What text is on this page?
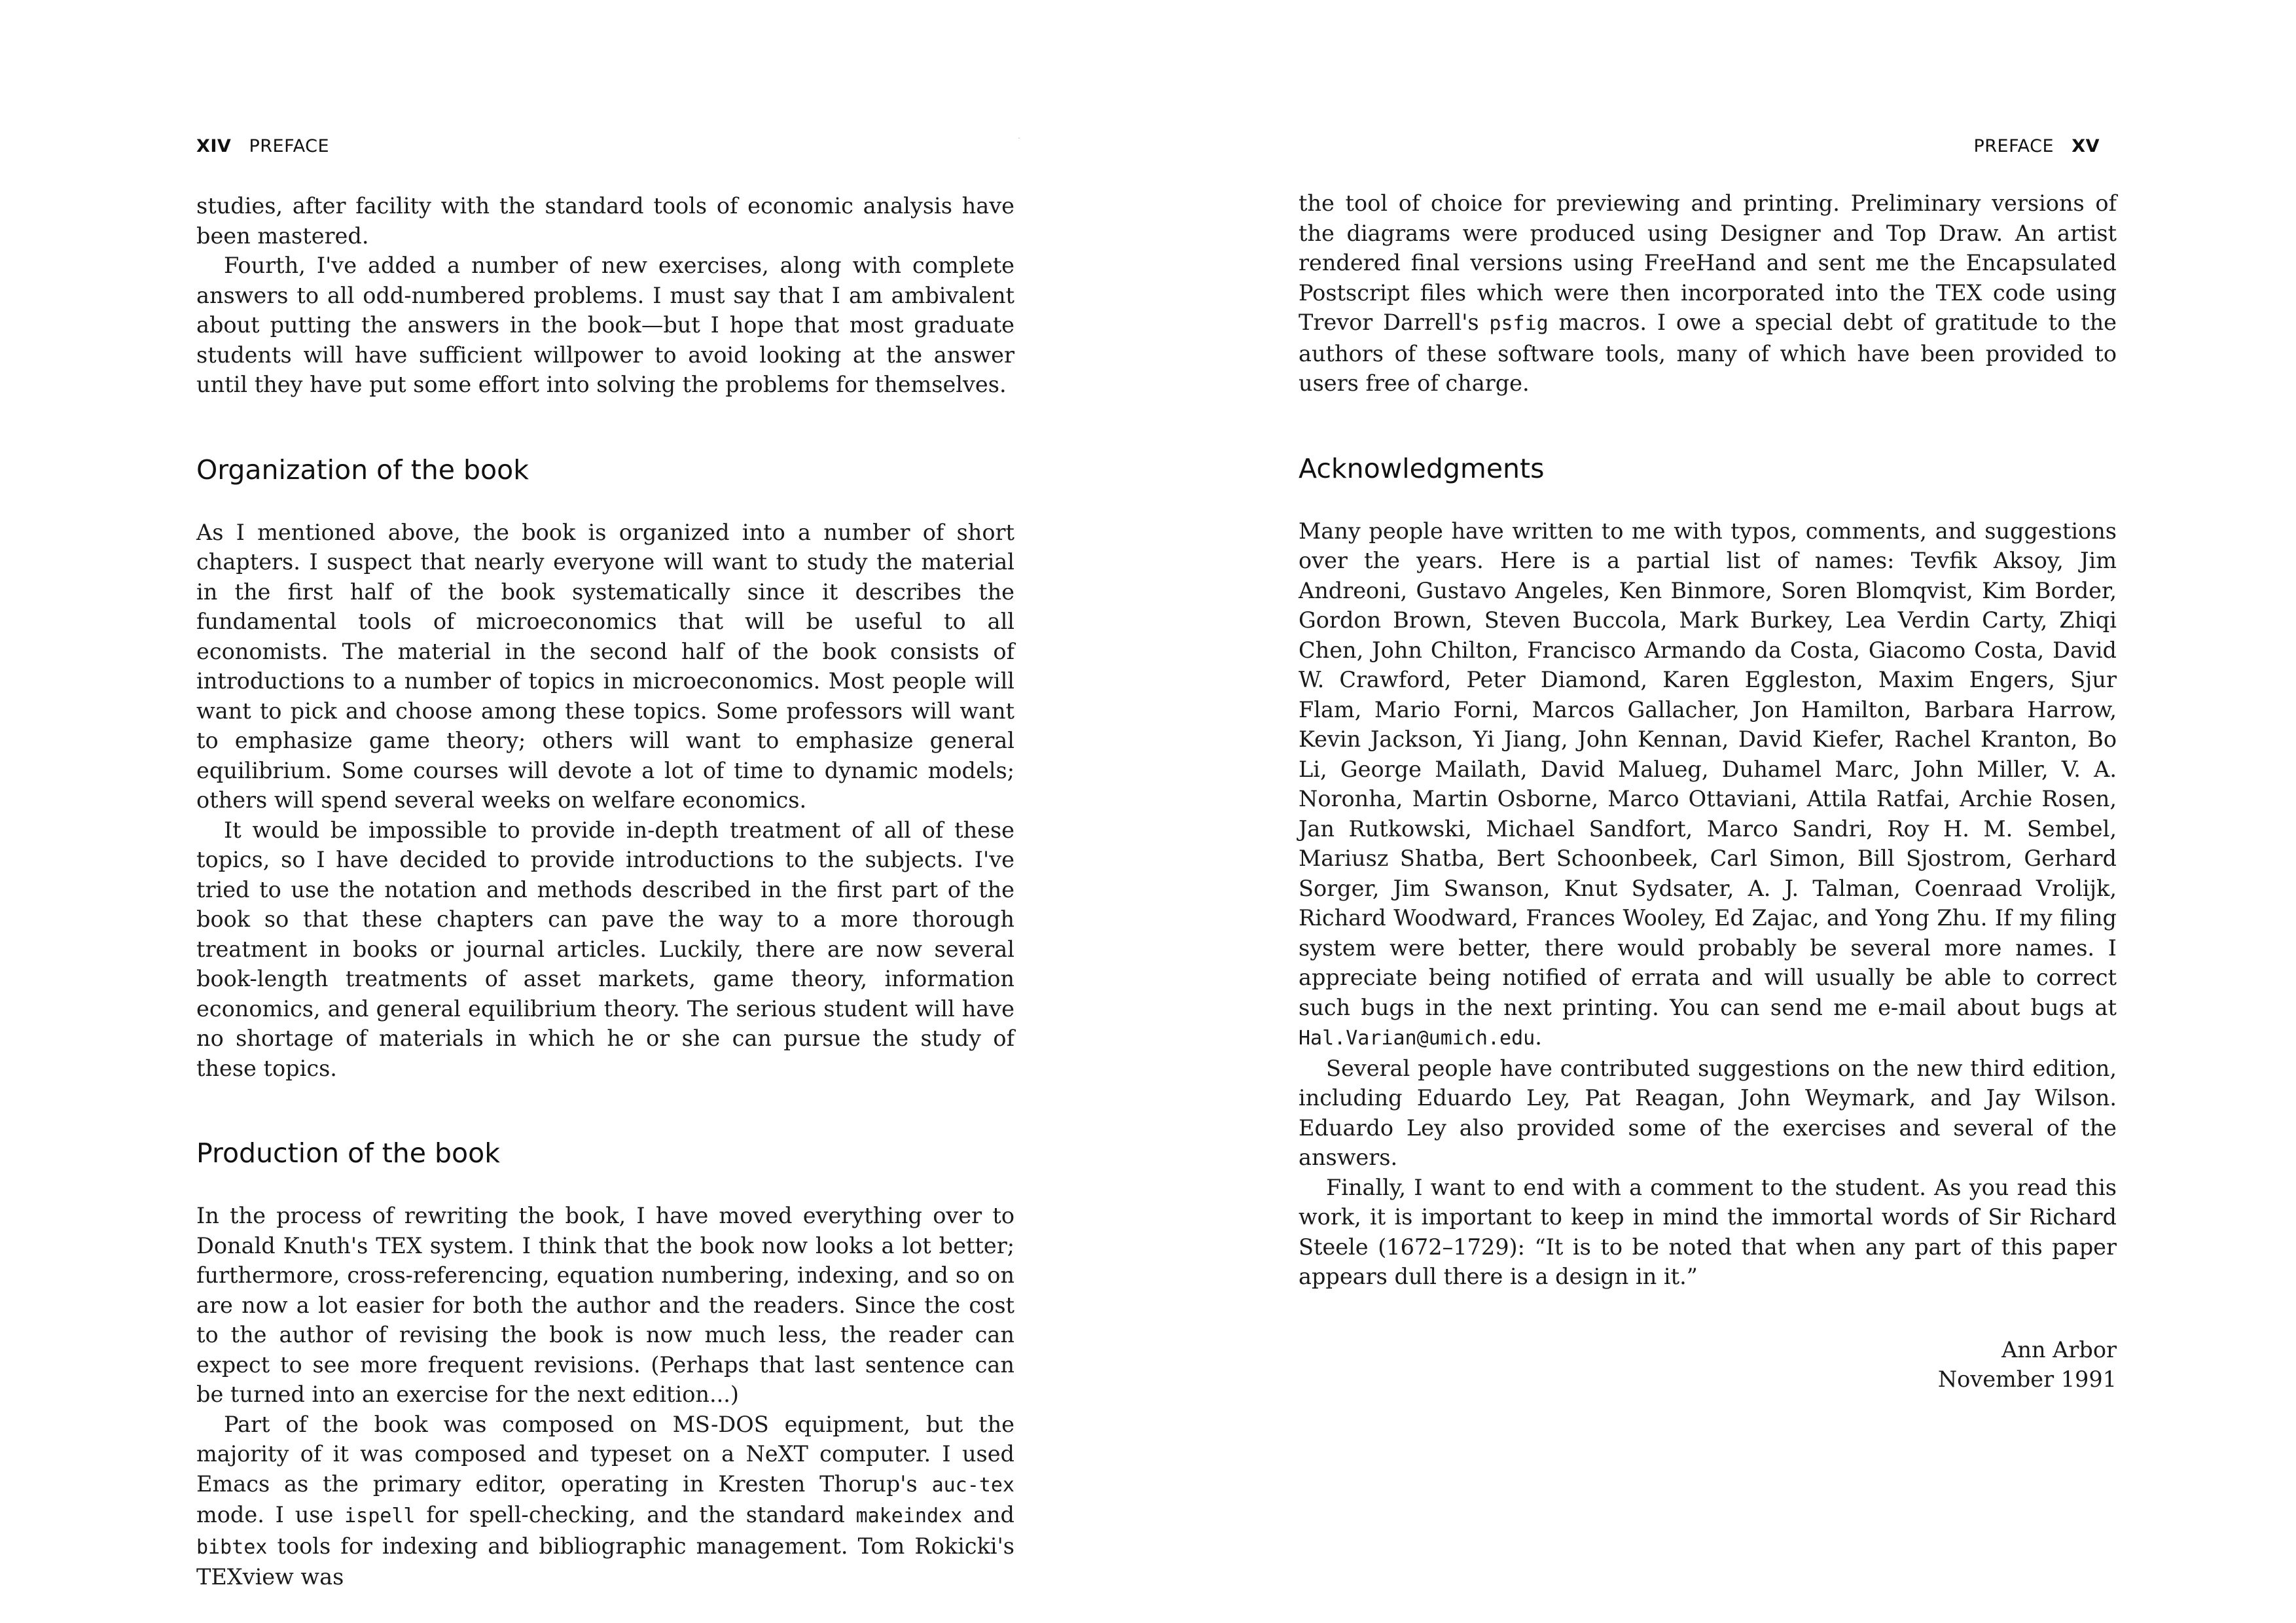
XIV PREFACE

studies, after facility with the standard tools of economic analysis have been mastered.

Fourth, I've added a number of new exercises, along with complete answers to all odd-numbered problems. I must say that I am ambivalent about putting the answers in the book—but I hope that most graduate students will have sufficient willpower to avoid looking at the answer until they have put some effort into solving the problems for themselves.

Organization of the book

As I mentioned above, the book is organized into a number of short chapters. I suspect that nearly everyone will want to study the material in the first half of the book systematically since it describes the fundamental tools of microeconomics that will be useful to all economists. The material in the second half of the book consists of introductions to a number of topics in microeconomics. Most people will want to pick and choose among these topics. Some professors will want to emphasize game theory; others will want to emphasize general equilibrium. Some courses will devote a lot of time to dynamic models; others will spend several weeks on welfare economics.

It would be impossible to provide in-depth treatment of all of these topics, so I have decided to provide introductions to the subjects. I've tried to use the notation and methods described in the first part of the book so that these chapters can pave the way to a more thorough treatment in books or journal articles. Luckily, there are now several book-length treatments of asset markets, game theory, information economics, and general equilibrium theory. The serious student will have no shortage of materials in which he or she can pursue the study of these topics.

Production of the book

In the process of rewriting the book, I have moved everything over to Donald Knuth's TEX system. I think that the book now looks a lot better; furthermore, cross-referencing, equation numbering, indexing, and so on are now a lot easier for both the author and the readers. Since the cost to the author of revising the book is now much less, the reader can expect to see more frequent revisions. (Perhaps that last sentence can be turned into an exercise for the next edition...)

Part of the book was composed on MS-DOS equipment, but the majority of it was composed and typeset on a NeXT computer. I used Emacs as the primary editor, operating in Kresten Thorup's auc-tex mode. I use ispell for spell-checking, and the standard makeindex and bibtex tools for indexing and bibliographic management. Tom Rokicki's TEXview was

PREFACE XV

the tool of choice for previewing and printing. Preliminary versions of the diagrams were produced using Designer and Top Draw. An artist rendered final versions using FreeHand and sent me the Encapsulated Postscript files which were then incorporated into the TEX code using Trevor Darrell's psfig macros. I owe a special debt of gratitude to the authors of these software tools, many of which have been provided to users free of charge.

Acknowledgments

Many people have written to me with typos, comments, and suggestions over the years. Here is a partial list of names: Tevfik Aksoy, Jim Andreoni, Gustavo Angeles, Ken Binmore, Soren Blomqvist, Kim Border, Gordon Brown, Steven Buccola, Mark Burkey, Lea Verdin Carty, Zhiqi Chen, John Chilton, Francisco Armando da Costa, Giacomo Costa, David W. Crawford, Peter Diamond, Karen Eggleston, Maxim Engers, Sjur Flam, Mario Forni, Marcos Gallacher, Jon Hamilton, Barbara Harrow, Kevin Jackson, Yi Jiang, John Kennan, David Kiefer, Rachel Kranton, Bo Li, George Mailath, David Malueg, Duhamel Marc, John Miller, V. A. Noronha, Martin Osborne, Marco Ottaviani, Attila Ratfai, Archie Rosen, Jan Rutkowski, Michael Sandfort, Marco Sandri, Roy H. M. Sembel, Mariusz Shatba, Bert Schoonbeek, Carl Simon, Bill Sjostrom, Gerhard Sorger, Jim Swanson, Knut Sydsater, A. J. Talman, Coenraad Vrolijk, Richard Woodward, Frances Wooley, Ed Zajac, and Yong Zhu. If my filing system were better, there would probably be several more names. I appreciate being notified of errata and will usually be able to correct such bugs in the next printing. You can send me e-mail about bugs at Hal.Varian@umich.edu.

Several people have contributed suggestions on the new third edition, including Eduardo Ley, Pat Reagan, John Weymark, and Jay Wilson. Eduardo Ley also provided some of the exercises and several of the answers.

Finally, I want to end with a comment to the student. As you read this work, it is important to keep in mind the immortal words of Sir Richard Steele (1672–1729): “It is to be noted that when any part of this paper appears dull there is a design in it.”

Ann Arbor
November 1991
